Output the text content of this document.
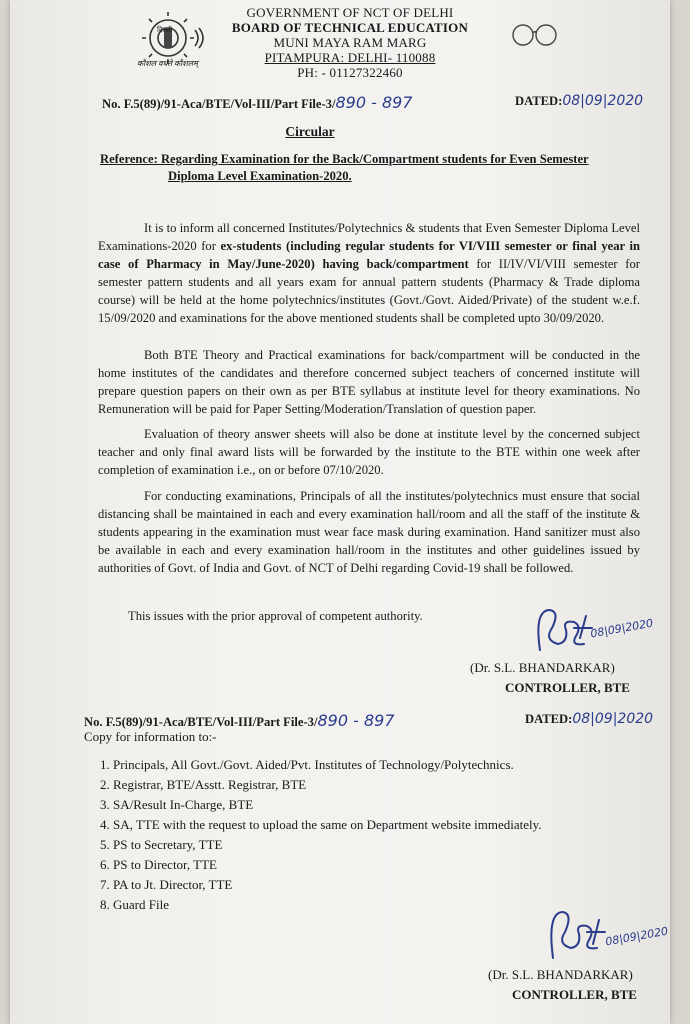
दिल्ली
कौशल वर्धते कौशलम्
GOVERNMENT OF NCT OF DELHI
BOARD OF TECHNICAL EDUCATION
MUNI MAYA RAM MARG
PITAMPURA: DELHI- 110088
PH: - 01127322460
No. F.5(89)/91-Aca/BTE/Vol-III/Part File-3/890 - 897	DATED:08|09|2020
Circular
Reference: Regarding Examination for the Back/Compartment students for Even Semester
Diploma Level Examination-2020.
It is to inform all concerned Institutes/Polytechnics & students that Even Semester Diploma Level Examinations-2020 for ex-students (including regular students for VI/VIII semester or final year in case of Pharmacy in May/June-2020) having back/compartment for II/IV/VI/VIII semester for semester pattern students and all years exam for annual pattern students (Pharmacy & Trade diploma course) will be held at the home polytechnics/institutes (Govt./Govt. Aided/Private) of the student w.e.f. 15/09/2020 and examinations for the above mentioned students shall be completed upto 30/09/2020.
Both BTE Theory and Practical examinations for back/compartment will be conducted in the home institutes of the candidates and therefore concerned subject teachers of concerned institute will prepare question papers on their own as per BTE syllabus at institute level for theory examinations. No Remuneration will be paid for Paper Setting/Moderation/Translation of question paper.
Evaluation of theory answer sheets will also be done at institute level by the concerned subject teacher and only final award lists will be forwarded by the institute to the BTE within one week after completion of examination i.e., on or before 07/10/2020.
For conducting examinations, Principals of all the institutes/polytechnics must ensure that social distancing shall be maintained in each and every examination hall/room and all the staff of the institute & students appearing in the examination must wear face mask during examination. Hand sanitizer must also be available in each and every examination hall/room in the institutes and other guidelines issued by authorities of Govt. of India and Govt. of NCT of Delhi regarding Covid-19 shall be followed.
This issues with the prior approval of competent authority.
08|09|2020
(Dr. S.L. BHANDARKAR)
CONTROLLER, BTE
No. F.5(89)/91-Aca/BTE/Vol-III/Part File-3/890 - 897	DATED:08|09|2020
Copy for information to:-
1. Principals, All Govt./Govt. Aided/Pvt. Institutes of Technology/Polytechnics.
2. Registrar, BTE/Asstt. Registrar, BTE
3. SA/Result In-Charge, BTE
4. SA, TTE with the request to upload the same on Department website immediately.
5. PS to Secretary, TTE
6. PS to Director, TTE
7. PA to Jt. Director, TTE
8. Guard File
08|09|2020
(Dr. S.L. BHANDARKAR)
CONTROLLER, BTE
